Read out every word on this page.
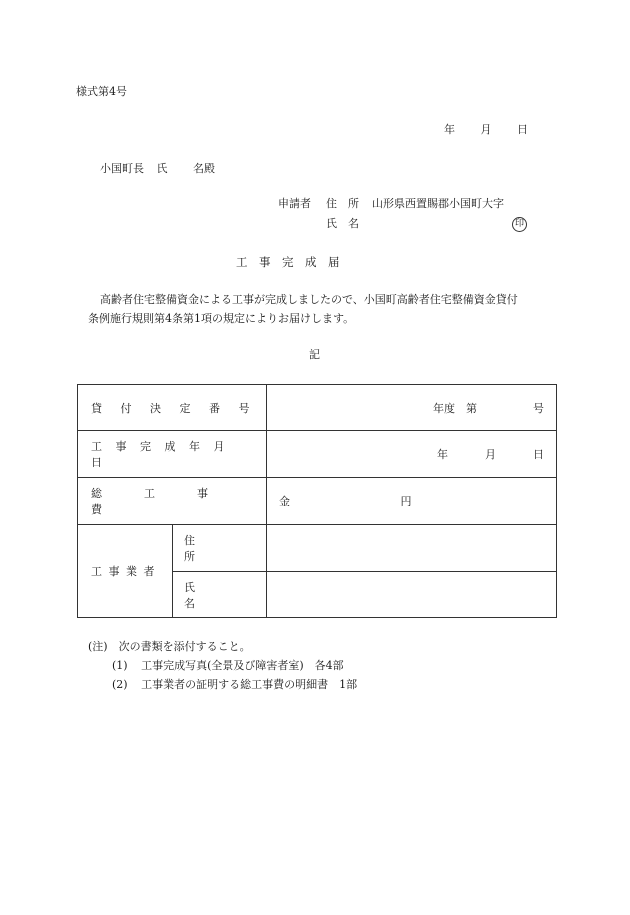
様式第4号
年 月 日
小国町長 氏 名殿
申請者 住　所 山形県西置賜郡小国町大字
氏　名	印
工　事　完　成　届
高齢者住宅整備資金による工事が完成しましたので、小国町高齢者住宅整備資金貸付
条例施行規則第4条第1項の規定によりお届けします。
記
貸付決定番号		年度 第 号

工事完成年月日		年 月 日

総工事費		金 円
工事業者	住所	
	氏名	
(注)　次の書類を添付すること。
(1) 工事完成写真(全景及び障害者室)　各4部
(2) 工事業者の証明する総工事費の明細書　1部
